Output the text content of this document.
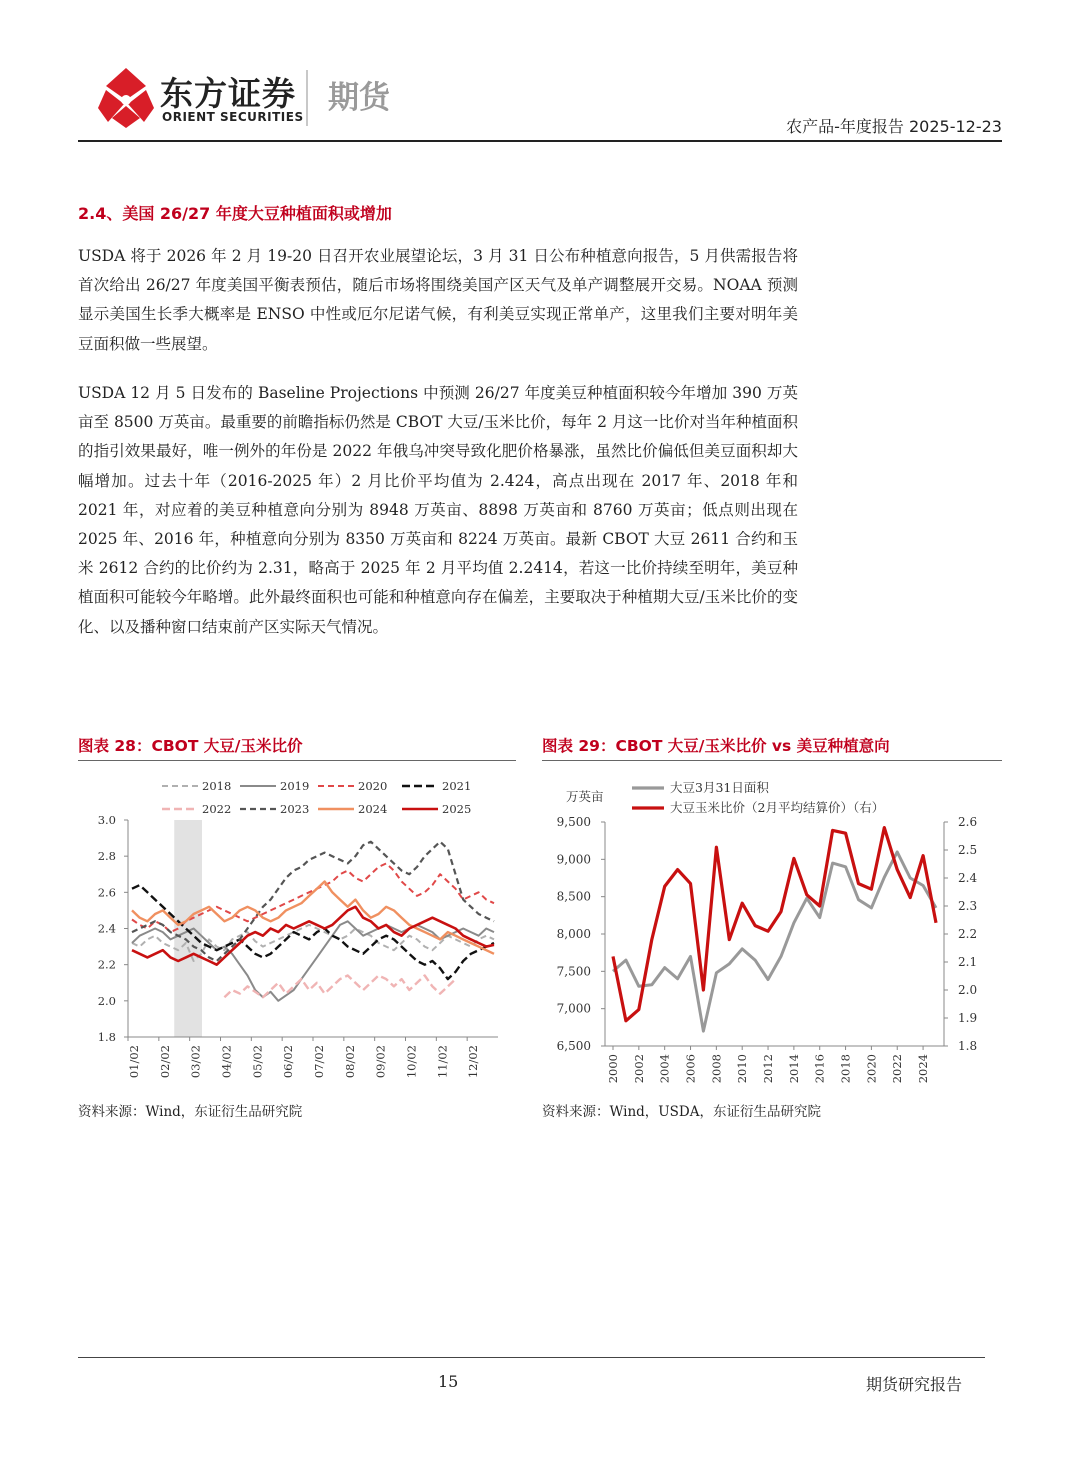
东方证券
ORIENT SECURITIES
期货
农产品-年度报告 2025-12-23
2.4、美国 26/27 年度大豆种植面积或增加

USDA 将于 2026 年 2 月 19-20 日召开农业展望论坛，3 月 31 日公布种植意向报告，5 月供需报告将首次给出 26/27 年度美国平衡表预估，随后市场将围绕美国产区天气及单产调整展开交易。NOAA 预测显示美国生长季大概率是 ENSO 中性或厄尔尼诺气候，有利美豆实现正常单产，这里我们主要对明年美豆面积做一些展望。

USDA 12 月 5 日发布的 Baseline Projections 中预测 26/27 年度美豆种植面积较今年增加 390 万英亩至 8500 万英亩。最重要的前瞻指标仍然是 CBOT 大豆/玉米比价，每年 2 月这一比价对当年种植面积的指引效果最好，唯一例外的年份是 2022 年俄乌冲突导致化肥价格暴涨，虽然比价偏低但美豆面积却大幅增加。过去十年（2016-2025 年）2 月比价平均值为 2.424，高点出现在 2017 年、2018 年和 2021 年，对应着的美豆种植意向分别为 8948 万英亩、8898 万英亩和 8760 万英亩；低点则出现在 2025 年、2016 年，种植意向分别为 8350 万英亩和 8224 万英亩。最新 CBOT 大豆 2611 合约和玉米 2612 合约的比价约为 2.31，略高于 2025 年 2 月平均值 2.2414，若这一比价持续至明年，美豆种植面积可能较今年略增。此外最终面积也可能和种植意向存在偏差，主要取决于种植期大豆/玉米比价的变化、以及播种窗口结束前产区实际天气情况。

图表 28：CBOT 大豆/玉米比价
2018	2019	2020	2021
2022	2023	2024	2025
1.8
2.0
2.2
2.4
2.6
2.8
3.0
01/02 02/02 03/02 04/02 05/02 06/02 07/02 08/02 09/02 10/02 11/02 12/02
资料来源：Wind，东证衍生品研究院
图表 29：CBOT 大豆/玉米比价 vs 美豆种植意向
大豆3月31日面积
大豆玉米比价（2月平均结算价）（右）
万英亩
6,500
7,000
7,500
8,000
8,500
9,000
9,500
1.8
1.9
2.0
2.1
2.2
2.3
2.4
2.5
2.6
2000 2002 2004 2006 2008 2010 2012 2014 2016 2018 2020 2022 2024
资料来源：Wind，USDA，东证衍生品研究院
15	期货研究报告
